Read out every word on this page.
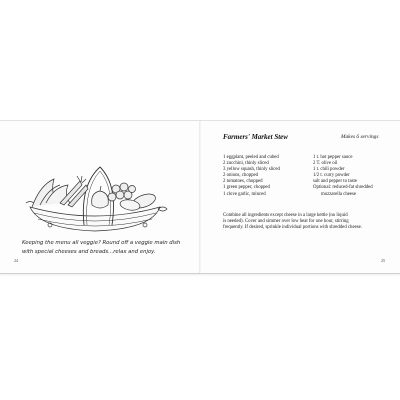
Keeping the menu all veggie? Round off a veggie main dish
with special cheeses and breads...relax and enjoy.
24
Farmers' Market Stew	Makes 6 servings
1 eggplant, peeled and cubed
2 zucchini, thinly sliced
3 yellow squash, thinly sliced
2 onions, chopped
2 tomatoes, chopped
1 green pepper, chopped
1 clove garlic, minced
1 t. hot pepper sauce
2 T. olive oil
1 t. chili powder
1/2 t. curry powder
salt and pepper to taste
Optional: reduced-fat shredded
mozzarella cheese
Combine all ingredients except cheese in a large kettle (no liquid
is needed). Cover and simmer over low heat for one hour, stirring
frequently. If desired, sprinkle individual portions with shredded cheese.
25
